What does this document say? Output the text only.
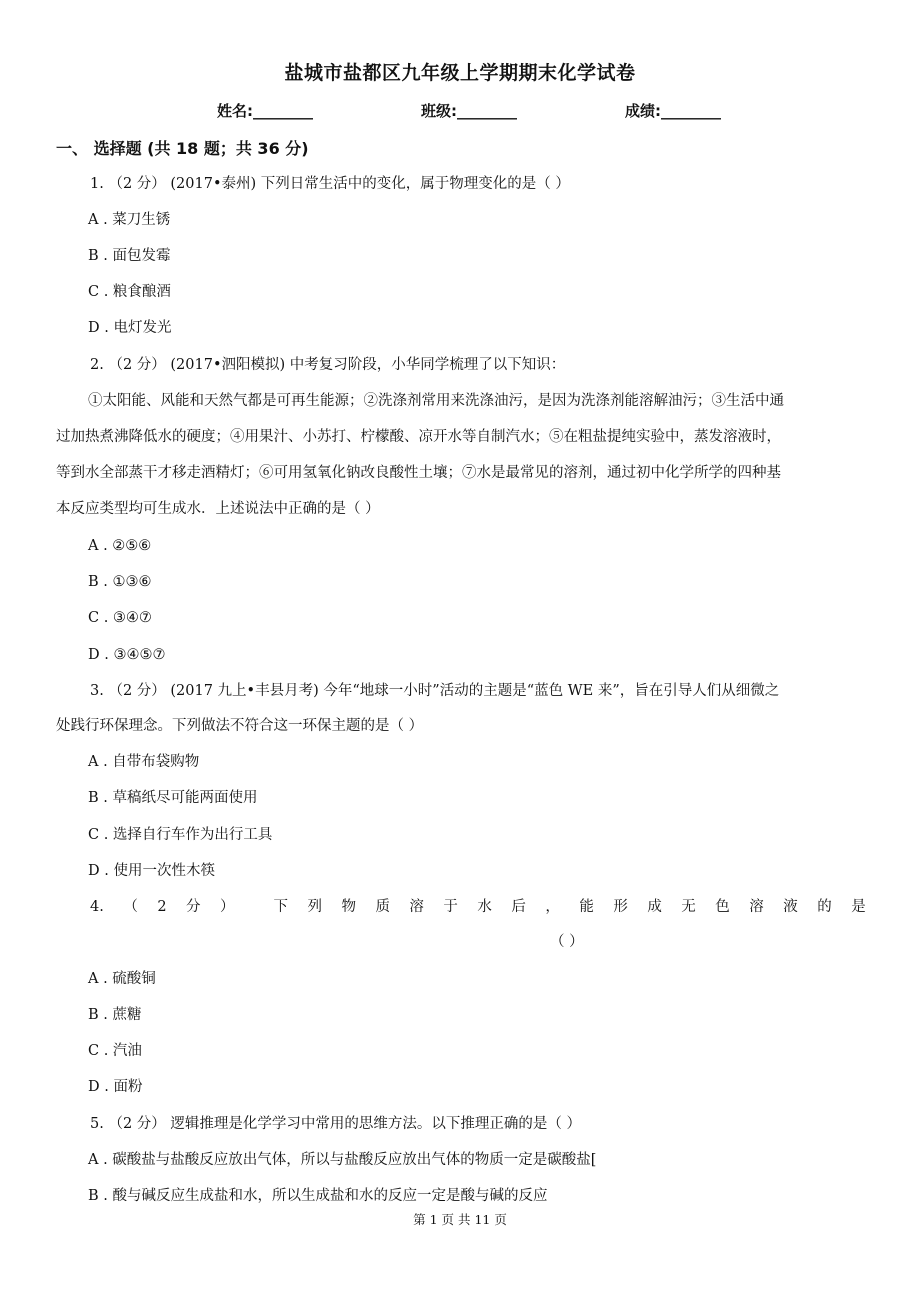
盐城市盐都区九年级上学期期末化学试卷
姓名:________	班级:________	成绩:________
一、 选择题 (共 18 题；共 36 分)
1. （2 分） (2017•泰州) 下列日常生活中的变化，属于物理变化的是（ ）
A . 菜刀生锈
B . 面包发霉
C . 粮食酿酒
D . 电灯发光
2. （2 分） (2017•泗阳模拟) 中考复习阶段，小华同学梳理了以下知识：
①太阳能、风能和天然气都是可再生能源；②洗涤剂常用来洗涤油污，是因为洗涤剂能溶解油污；③生活中通
过加热煮沸降低水的硬度；④用果汁、小苏打、柠檬酸、凉开水等自制汽水；⑤在粗盐提纯实验中，蒸发溶液时，
等到水全部蒸干才移走酒精灯；⑥可用氢氧化钠改良酸性土壤；⑦水是最常见的溶剂，通过初中化学所学的四种基
本反应类型均可生成水．上述说法中正确的是（ ）
A . ②⑤⑥
B . ①③⑥
C . ③④⑦
D . ③④⑤⑦
3. （2 分） (2017 九上•丰县月考) 今年“地球一小时”活动的主题是“蓝色 WE 来”，旨在引导人们从细微之
处践行环保理念。下列做法不符合这一环保主题的是（ ）
A . 自带布袋购物
B . 草稿纸尽可能两面使用
C . 选择自行车作为出行工具
D . 使用一次性木筷
4. （ 2 分 ）	下 列 物 质 溶 于 水 后 ， 能 形 成 无 色 溶 液 的 是
（ ）
A . 硫酸铜
B . 蔗糖
C . 汽油
D . 面粉
5. （2 分） 逻辑推理是化学学习中常用的思维方法。以下推理正确的是（ ）
A . 碳酸盐与盐酸反应放出气体，所以与盐酸反应放出气体的物质一定是碳酸盐[
B . 酸与碱反应生成盐和水，所以生成盐和水的反应一定是酸与碱的反应
第 1 页 共 11 页
